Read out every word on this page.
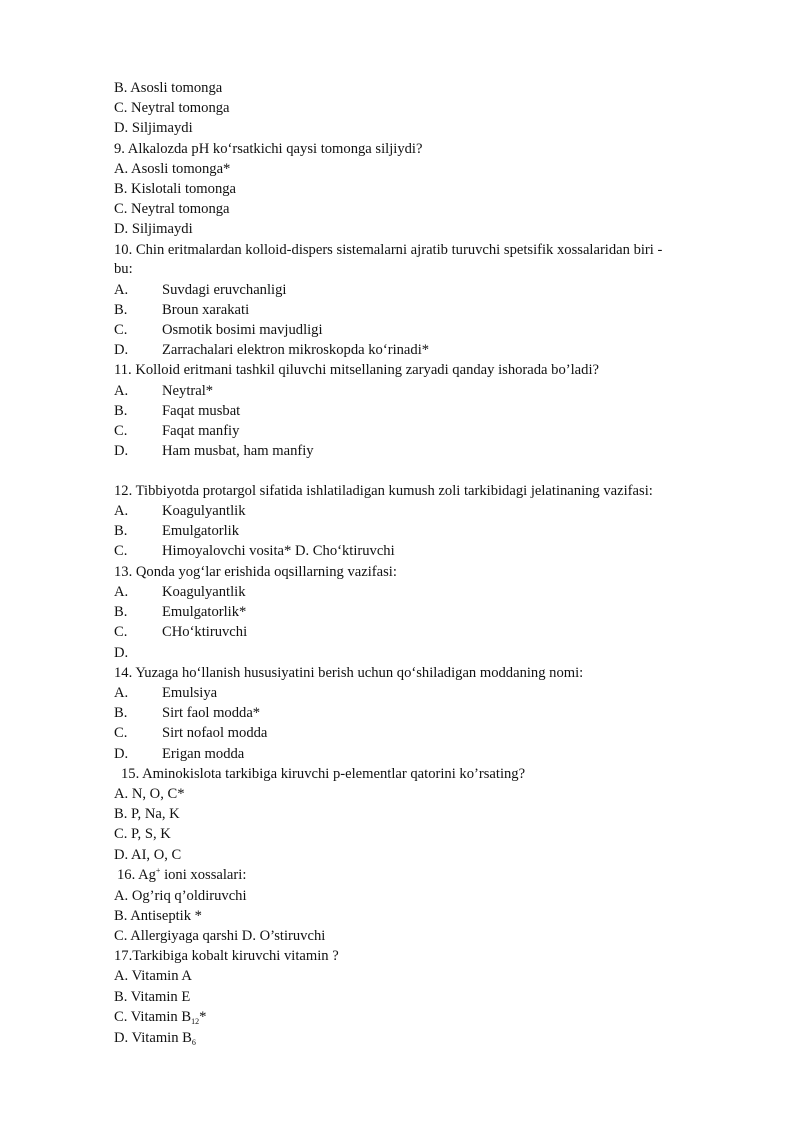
B. Asosli tomonga
C. Neytral tomonga
D. Siljimaydi
9. Alkalozda pH ko‘rsatkichi qaysi tomonga siljiydi?
A. Asosli tomonga*
B. Kislotali tomonga
C. Neytral tomonga
D. Siljimaydi
10. Chin eritmalardan kolloid-dispers sistemalarni ajratib turuvchi spetsifik xossalaridan biri -
bu:
A. Suvdagi eruvchanligi
B. Broun xarakati
C. Osmotik bosimi mavjudligi
D. Zarrachalari elektron mikroskopda ko‘rinadi*
11. Kolloid eritmani tashkil qiluvchi mitsellaning zaryadi qanday ishorada bo’ladi?
A. Neytral*
B. Faqat musbat
C. Faqat manfiy
D. Ham musbat, ham manfiy
12. Tibbiyotda protargol sifatida ishlatiladigan kumush zoli tarkibidagi jelatinaning vazifasi:
A. Koagulyantlik
B. Emulgatorlik
C. Himoyalovchi vosita* D. Cho‘ktiruvchi
13. Qonda yog‘lar erishida oqsillarning vazifasi:
A. Koagulyantlik
B. Emulgatorlik*
C. CHo‘ktiruvchi
D.
14. Yuzaga ho‘llanish hususiyatini berish uchun qo‘shiladigan moddaning nomi:
A. Emulsiya
B. Sirt faol modda*
C. Sirt nofaol modda
D. Erigan modda
15. Aminokislota tarkibiga kiruvchi p-elementlar qatorini ko’rsating?
A. N, O, C*
B. P, Na, K
C. P, S, K
D. AI, O, C
16. Ag+ ioni xossalari:
A. Og’riq q’oldiruvchi
B. Antiseptik *
C. Allergiyaga qarshi D. O’stiruvchi
17.Tarkibiga kobalt kiruvchi vitamin ?
A. Vitamin A
B. Vitamin E
C. Vitamin $B_{12}*$
D. Vitamin $B_6$
